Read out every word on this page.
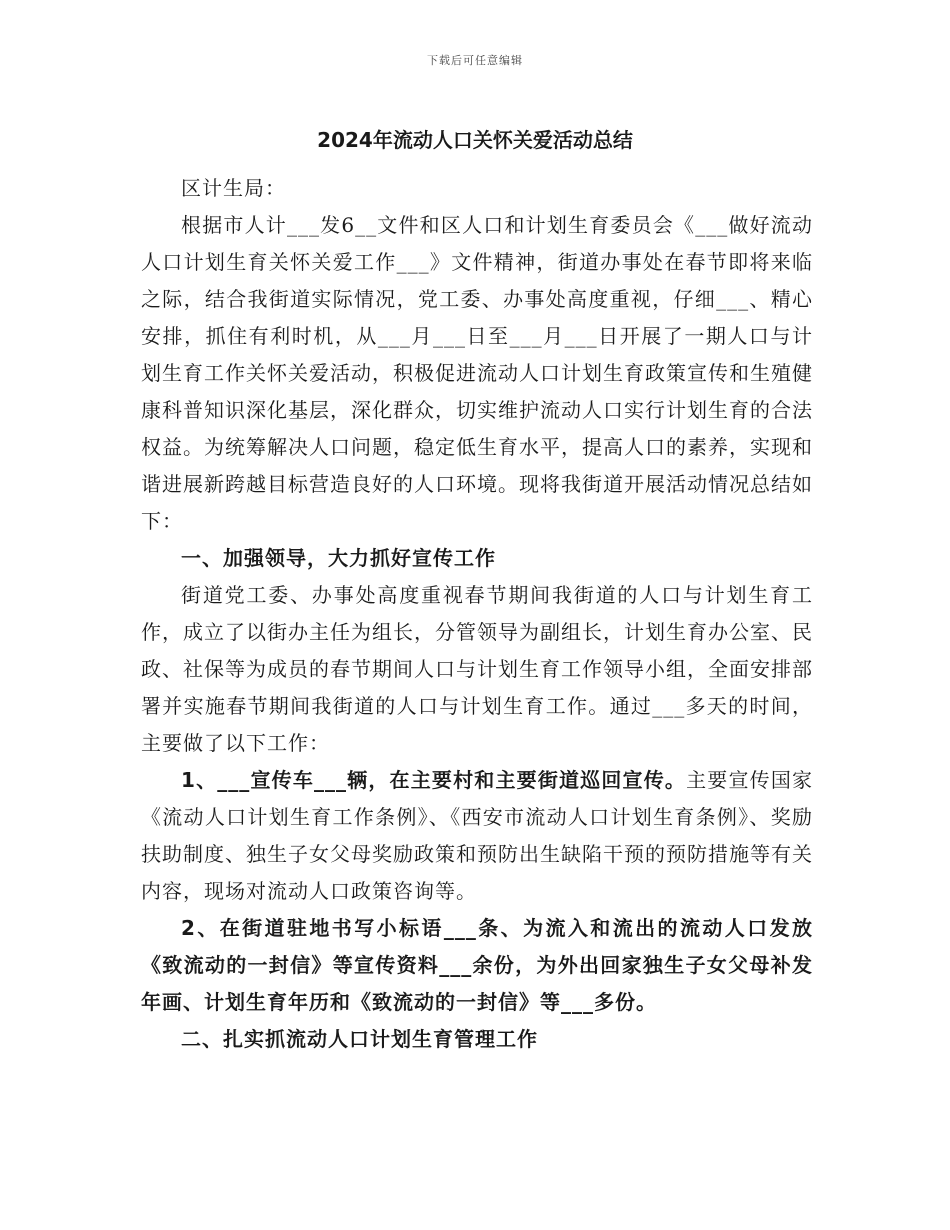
下载后可任意编辑
2024年流动人口关怀关爱活动总结

区计生局：

根据市人计___发6__文件和区人口和计划生育委员会《___做好流动人口计划生育关怀关爱工作___》文件精神，街道办事处在春节即将来临之际，结合我街道实际情况，党工委、办事处高度重视，仔细___、精心安排，抓住有利时机，从___月___日至___月___日开展了一期人口与计划生育工作关怀关爱活动，积极促进流动人口计划生育政策宣传和生殖健康科普知识深化基层，深化群众，切实维护流动人口实行计划生育的合法权益。为统筹解决人口问题，稳定低生育水平，提高人口的素养，实现和谐进展新跨越目标营造良好的人口环境。现将我街道开展活动情况总结如下：

一、加强领导，大力抓好宣传工作

街道党工委、办事处高度重视春节期间我街道的人口与计划生育工作，成立了以街办主任为组长，分管领导为副组长，计划生育办公室、民政、社保等为成员的春节期间人口与计划生育工作领导小组，全面安排部署并实施春节期间我街道的人口与计划生育工作。通过___多天的时间，主要做了以下工作：

1、___宣传车___辆，在主要村和主要街道巡回宣传。主要宣传国家《流动人口计划生育工作条例》、《西安市流动人口计划生育条例》、奖励扶助制度、独生子女父母奖励政策和预防出生缺陷干预的预防措施等有关内容，现场对流动人口政策咨询等。

2、在街道驻地书写小标语___条、为流入和流出的流动人口发放《致流动的一封信》等宣传资料___余份，为外出回家独生子女父母补发年画、计划生育年历和《致流动的一封信》等___多份。

二、扎实抓流动人口计划生育管理工作
